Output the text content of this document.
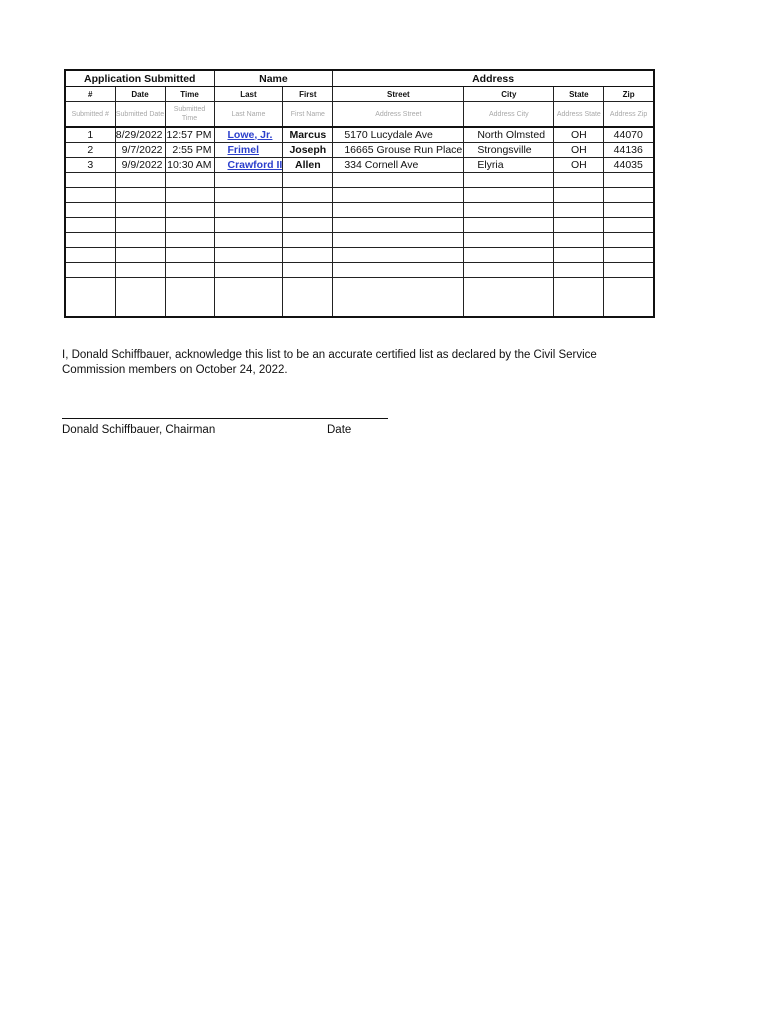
Application Submitted			Name		Address			
#	Date	Time	Last	First	Street	City	State	Zip
Submitted #	Submitted Date	Submitted Time	Last Name	First Name	Address Street	Address City	Address State	Address Zip
1	8/29/2022	12:57 PM	Lowe, Jr.	Marcus	5170 Lucydale Ave	North Olmsted	OH	44070
2	9/7/2022	2:55 PM	Frimel	Joseph	16665 Grouse Run Place	Strongsville	OH	44136
3	9/9/2022	10:30 AM	Crawford II	Allen	334 Cornell Ave	Elyria	OH	44035

I, Donald Schiffbauer, acknowledge this list to be an accurate certified list as declared by the Civil Service Commission members on October 24, 2022.
Donald Schiffbauer, Chairman	Date
